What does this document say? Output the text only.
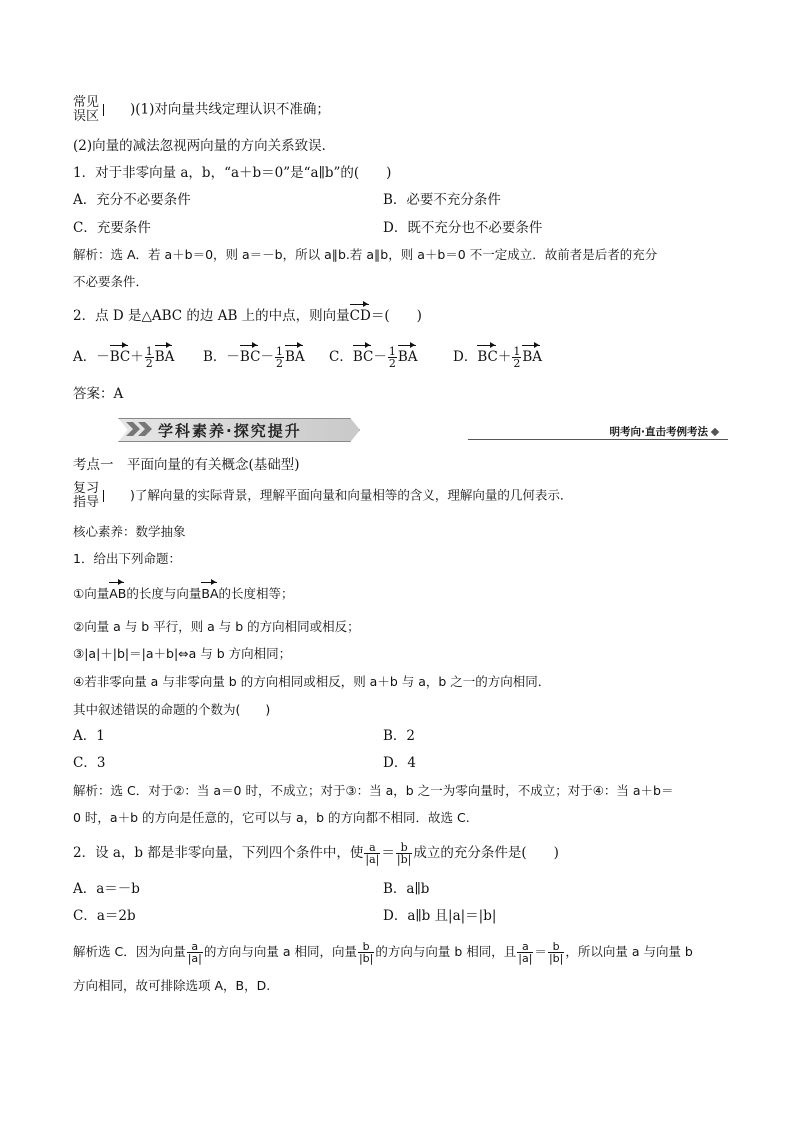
常见
误区 )(1)对向量共线定理认识不准确；
(2)向量的减法忽视两向量的方向关系致误．
1．对于非零向量 a，b，“a＋b＝0”是“a∥b”的(　　)
A．充分不必要条件	B．必要不充分条件
C．充要条件	D．既不充分也不必要条件
解析：选 A．若 a＋b＝0，则 a＝－b，所以 a∥b.若 a∥b，则 a＋b＝0 不一定成立．故前者是后者的充分
不必要条件．
2．点 D 是△ABC 的边 AB 上的中点，则向量CD＝(　　)
A．$-BC+ \frac{1}{2}$ BA B．$-BC- \frac{1}{2}$ BA C．$BC- \frac{1}{2}$ BA	D．$BC+ \frac{1}{2}$ BA
答案：A
学科素养·探究提升	明考向·直击考例考法
考点一　平面向量的有关概念(基础型)
复习
指导 )了解向量的实际背景，理解平面向量和向量相等的含义，理解向量的几何表示．
核心素养：数学抽象
1．给出下列命题：
①向量AB的长度与向量BA的长度相等；
②向量 a 与 b 平行，则 a 与 b 的方向相同或相反；
③|a|＋|b|＝|a＋b|⇔a 与 b 方向相同；
④若非零向量 a 与非零向量 b 的方向相同或相反，则 a＋b 与 a，b 之一的方向相同．
其中叙述错误的命题的个数为(　　)
A．1	B．2
C．3	D．4
解析：选 C．对于②：当 a＝0 时，不成立；对于③：当 a，b 之一为零向量时，不成立；对于④：当 a＋b＝
0 时，a＋b 的方向是任意的，它可以与 a，b 的方向都不相同．故选 C.
2．设 a，b 都是非零向量，下列四个条件中，使 $\frac{a}{|a|} = \frac{b}{|b|}$ 成立的充分条件是(　　)
A．a＝－b	B．a∥b
C．a＝2b	D．a∥b 且|a|＝|b|
解析选 C．因为向量 $\frac{a}{|a|}$ 的方向与向量 a 相同，向量 $\frac{b}{|b|}$ 的方向与向量 b 相同，且 $\frac{a}{|a|} = \frac{b}{|b|}$ ，所以向量 a 与向量 b
方向相同，故可排除选项 A，B，D.
